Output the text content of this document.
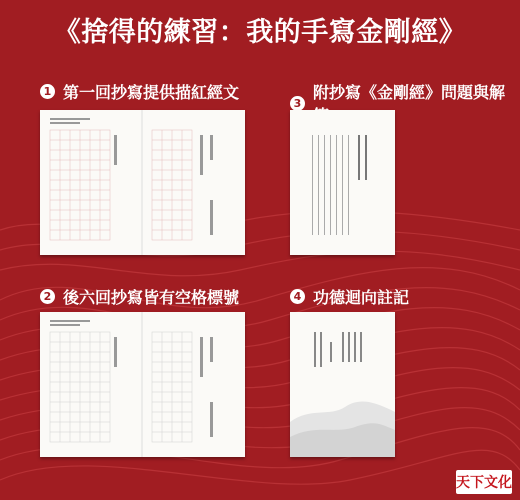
《捨得的練習：我的手寫金剛經》
1 第一回抄寫提供描紅經文
3
附抄寫《金剛經》問題與解
2 後六回抄寫皆有空格標號	4 功德迴向註記
天下文化
